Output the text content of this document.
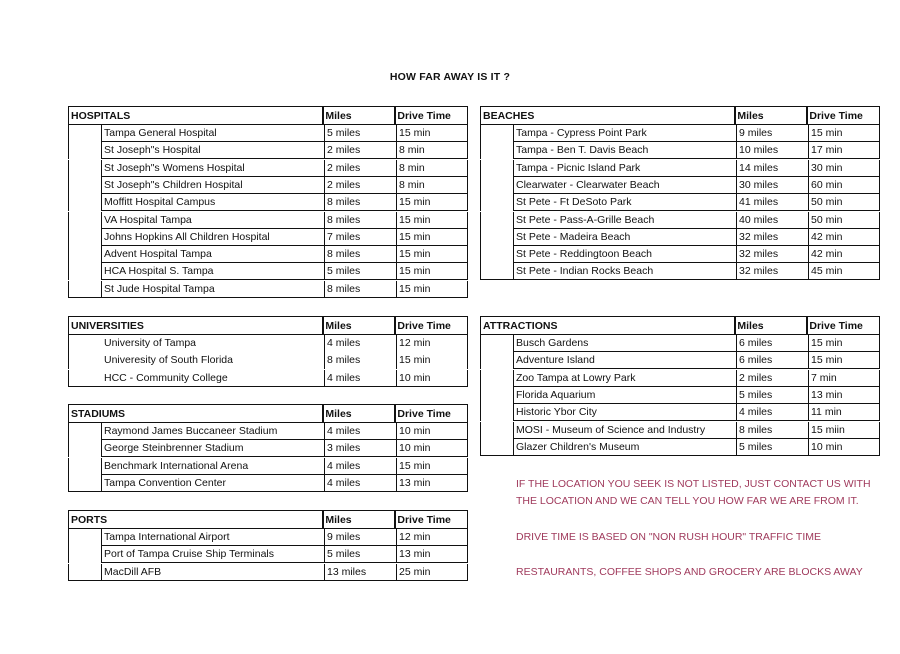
HOW FAR AWAY IS IT ?
HOSPITALS	Miles	Drive Time
Tampa General Hospital	5 miles	15 min
St Joseph"s Hospital	2 miles	8 min
St Joseph"s Womens Hospital	2 miles	8 min
St Joseph"s Children Hospital	2 miles	8 min
Moffitt Hospital Campus	8 miles	15 min
VA Hospital Tampa	8 miles	15 min
Johns Hopkins All Children Hospital	7 miles	15 min
Advent Hospital Tampa	8 miles	15 min
HCA Hospital S. Tampa	5 miles	15 min
St Jude Hospital Tampa	8 miles	15 min
UNIVERSITIES	Miles	Drive Time
University of Tampa	4 miles	12 min
Univeresity of South Florida	8 miles	15 min
HCC - Community College	4 miles	10 min
STADIUMS	Miles	Drive Time
Raymond James Buccaneer Stadium	4 miles	10 min
George Steinbrenner Stadium	3 miles	10 min
Benchmark International Arena	4 miles	15 min
Tampa Convention Center	4 miles	13 min
PORTS	Miles	Drive Time
Tampa International Airport	9 miles	12 min
Port of Tampa Cruise Ship Terminals	5 miles	13 min
MacDill AFB	13 miles	25 min
BEACHES	Miles	Drive Time
Tampa - Cypress Point Park	9 miles	15 min
Tampa - Ben T. Davis Beach	10 miles	17 min
Tampa - Picnic Island Park	14 miles	30 min
Clearwater - Clearwater Beach	30 miles	60 min
St Pete - Ft DeSoto Park	41 miles	50 min
St Pete - Pass-A-Grille Beach	40 miles	50 min
St Pete - Madeira Beach	32 miles	42 min
St Pete - Reddingtoon Beach	32 miles	42 min
St Pete - Indian Rocks Beach	32 miles	45 min
ATTRACTIONS	Miles	Drive Time
Busch Gardens	6 miles	15 min
Adventure Island	6 miles	15 min
Zoo Tampa at Lowry Park	2 miles	7 min
Florida Aquarium	5 miles	13 min
Historic Ybor City	4 miles	11 min
MOSI - Museum of Science and Industry	8 miles	15 miin
Glazer Children's Museum	5 miles	10 min
IF THE LOCATION YOU SEEK IS NOT LISTED, JUST CONTACT US WITH
THE LOCATION AND WE CAN TELL YOU HOW FAR WE ARE FROM IT.
DRIVE TIME IS BASED ON "NON RUSH HOUR" TRAFFIC TIME
RESTAURANTS, COFFEE SHOPS AND GROCERY ARE BLOCKS AWAY
